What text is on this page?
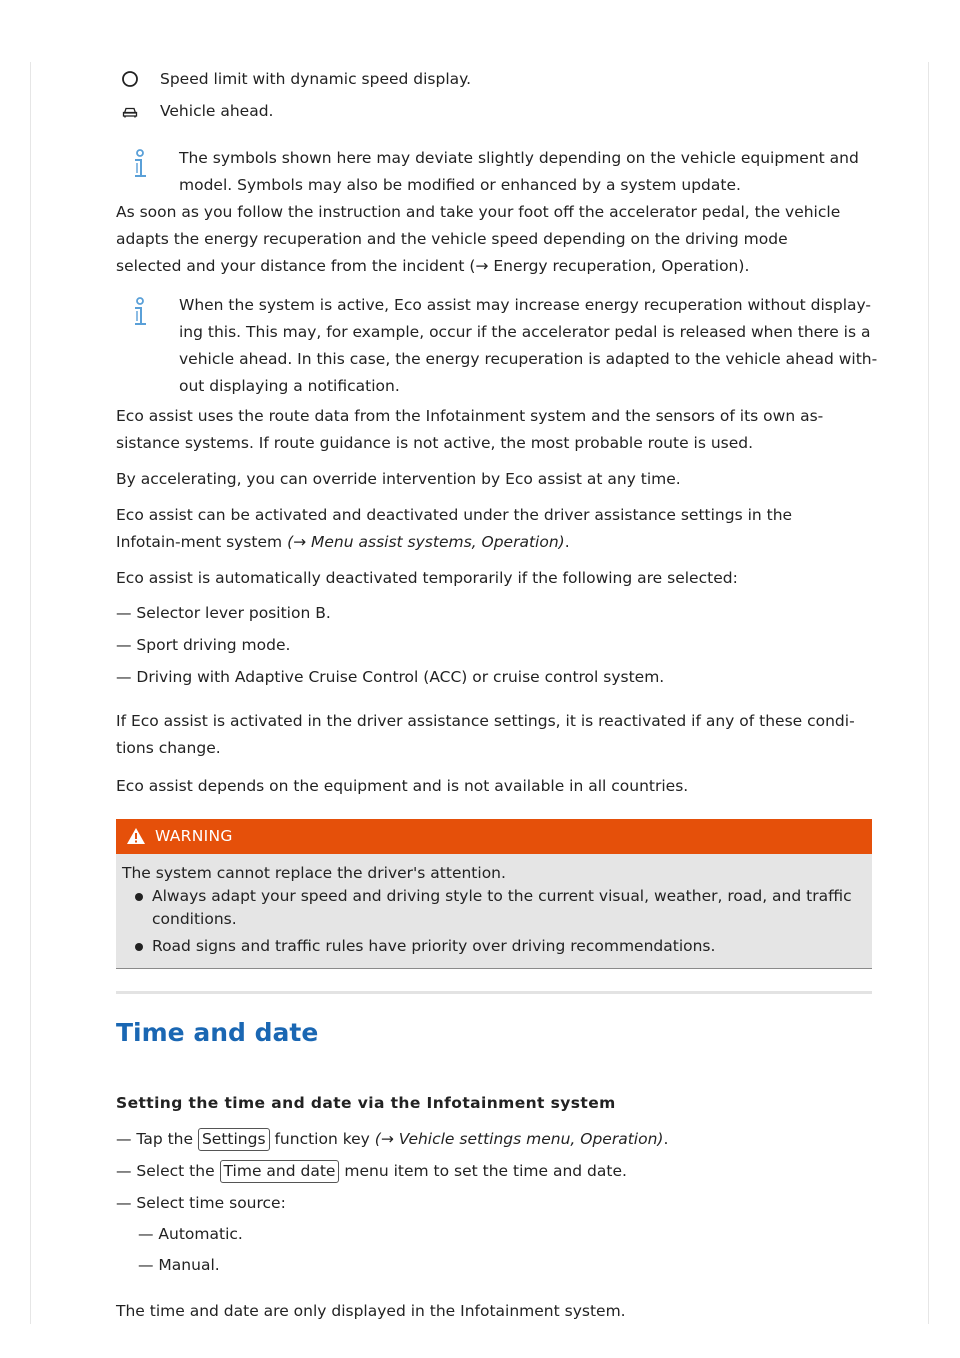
Speed limit with dynamic speed display.
Vehicle ahead.

The symbols shown here may deviate slightly depending on the vehicle equipment and model. Symbols may also be modified or enhanced by a system update.

As soon as you follow the instruction and take your foot off the accelerator pedal, the vehicle adapts the energy recuperation and the vehicle speed depending on the driving mode selected and your distance from the incident (→ Energy recuperation, Operation).

When the system is active, Eco assist may increase energy recuperation without display-ing this. This may, for example, occur if the accelerator pedal is released when there is a vehicle ahead. In this case, the energy recuperation is adapted to the vehicle ahead with-out displaying a notification.

Eco assist uses the route data from the Infotainment system and the sensors of its own as-sistance systems. If route guidance is not active, the most probable route is used.

By accelerating, you can override intervention by Eco assist at any time.

Eco assist can be activated and deactivated under the driver assistance settings in the Infotain-ment system (→ Menu assist systems, Operation).

Eco assist is automatically deactivated temporarily if the following are selected:

— Selector lever position B.
— Sport driving mode.
— Driving with Adaptive Cruise Control (ACC) or cruise control system.

If Eco assist is activated in the driver assistance settings, it is reactivated if any of these condi-tions change.

Eco assist depends on the equipment and is not available in all countries.

WARNING
The system cannot replace the driver's attention.
Always adapt your speed and driving style to the current visual, weather, road, and traffic conditions.
Road signs and traffic rules have priority over driving recommendations.
Time and date
Setting the time and date via the Infotainment system
— Tap the Settings function key (→ Vehicle settings menu, Operation).
— Select the Time and date menu item to set the time and date.
— Select time source:
— Automatic.
— Manual.

The time and date are only displayed in the Infotainment system.
